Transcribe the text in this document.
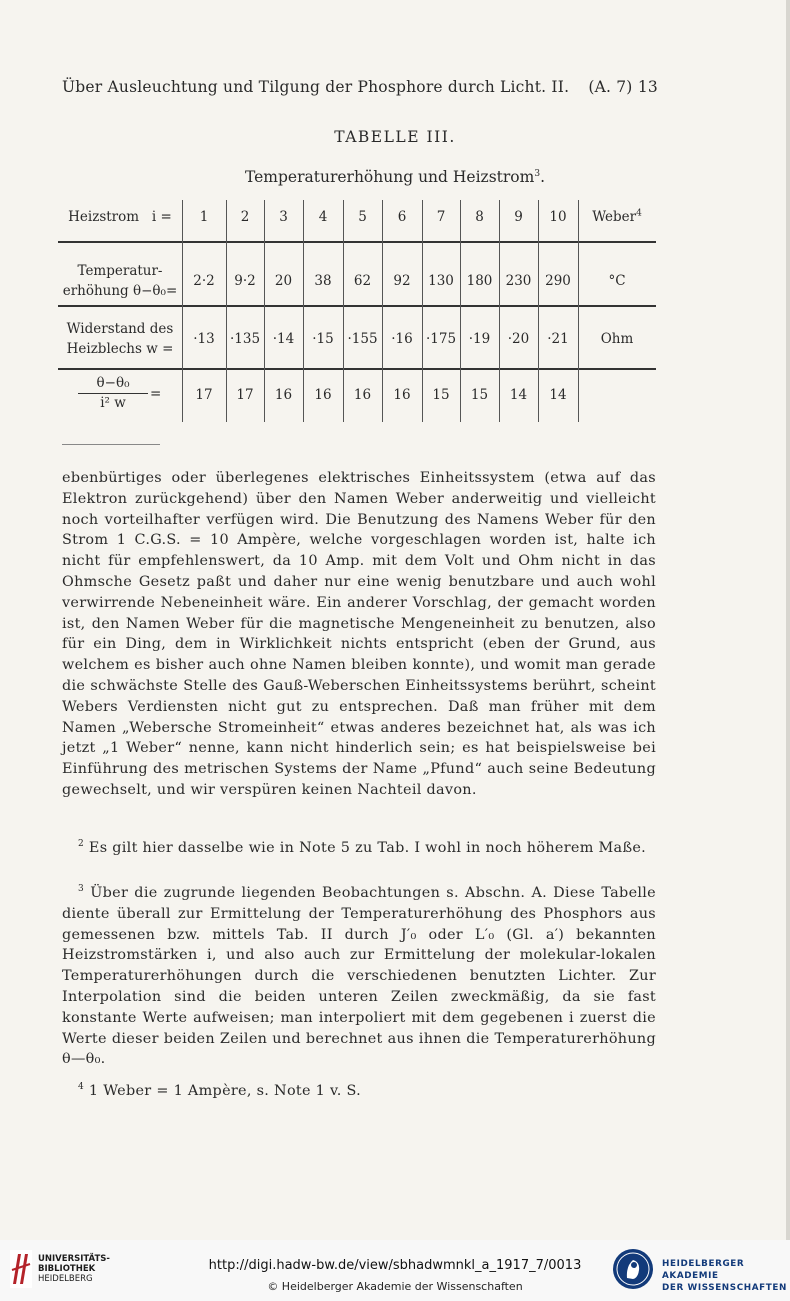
Über Ausleuchtung und Tilgung der Phosphore durch Licht. II. (A. 7) 13
TABELLE III.
Temperaturerhöhung und Heizstrom$^3$.
Heizstrom   i =	1	2	3	4	5	6	7	8	9	10	Weber$^4$
Temperatur-
erhöhung θ−θ₀=
2·2	9·2	20	38	62	92	130 180 230	290	°C
Widerstand des
Heizblechs w =
·13	·135 ·14	·15	·155	·16 ·175 ·19	·20	·21	Ohm
θ−θ₀
i² w
=	17	17	16	16	16	16	15	15	14	14
ebenbürtiges oder überlegenes elektrisches Einheitssystem (etwa auf das Elektron zurückgehend) über den Namen Weber anderweitig und vielleicht noch vorteilhafter verfügen wird. Die Benutzung des Namens Weber für den Strom 1 C.G.S. = 10 Ampère, welche vorgeschlagen worden ist, halte ich nicht für empfehlenswert, da 10 Amp. mit dem Volt und Ohm nicht in das Ohmsche Gesetz paßt und daher nur eine wenig benutzbare und auch wohl verwirrende Nebeneinheit wäre. Ein anderer Vorschlag, der gemacht worden ist, den Namen Weber für die magnetische Mengeneinheit zu benutzen, also für ein Ding, dem in Wirklichkeit nichts entspricht (eben der Grund, aus welchem es bisher auch ohne Namen bleiben konnte), und womit man gerade die schwächste Stelle des Gauß-Weberschen Einheitssystems berührt, scheint Webers Verdiensten nicht gut zu entsprechen. Daß man früher mit dem Namen „Webersche Stromeinheit“ etwas anderes bezeichnet hat, als was ich jetzt „1 Weber“ nenne, kann nicht hinderlich sein; es hat beispielsweise bei Einführung des metrischen Systems der Name „Pfund“ auch seine Bedeutung gewechselt, und wir verspüren keinen Nachteil davon.
$^2$ Es gilt hier dasselbe wie in Note 5 zu Tab. I wohl in noch höherem Maße.
$^3$ Über die zugrunde liegenden Beobachtungen s. Abschn. A. Diese Tabelle diente überall zur Ermittelung der Temperaturerhöhung des Phosphors aus gemessenen bzw. mittels Tab. II durch J′₀ oder L′₀ (Gl. a′) bekannten Heizstromstärken i, und also auch zur Ermittelung der molekular-lokalen Temperaturerhöhungen durch die verschiedenen benutzten Lichter. Zur Interpolation sind die beiden unteren Zeilen zweckmäßig, da sie fast konstante Werte aufweisen; man interpoliert mit dem gegebenen i zuerst die Werte dieser beiden Zeilen und berechnet aus ihnen die Temperaturerhöhung θ—θ₀.
$^4$ 1 Weber = 1 Ampère, s. Note 1 v. S.
UNIVERSITÄTS-
BIBLIOTHEK
HEIDELBERG
http://digi.hadw-bw.de/view/sbhadwmnkl_a_1917_7/0013
© Heidelberger Akademie der Wissenschaften
HEIDELBERGER AKADEMIE
DER WISSENSCHAFTEN
